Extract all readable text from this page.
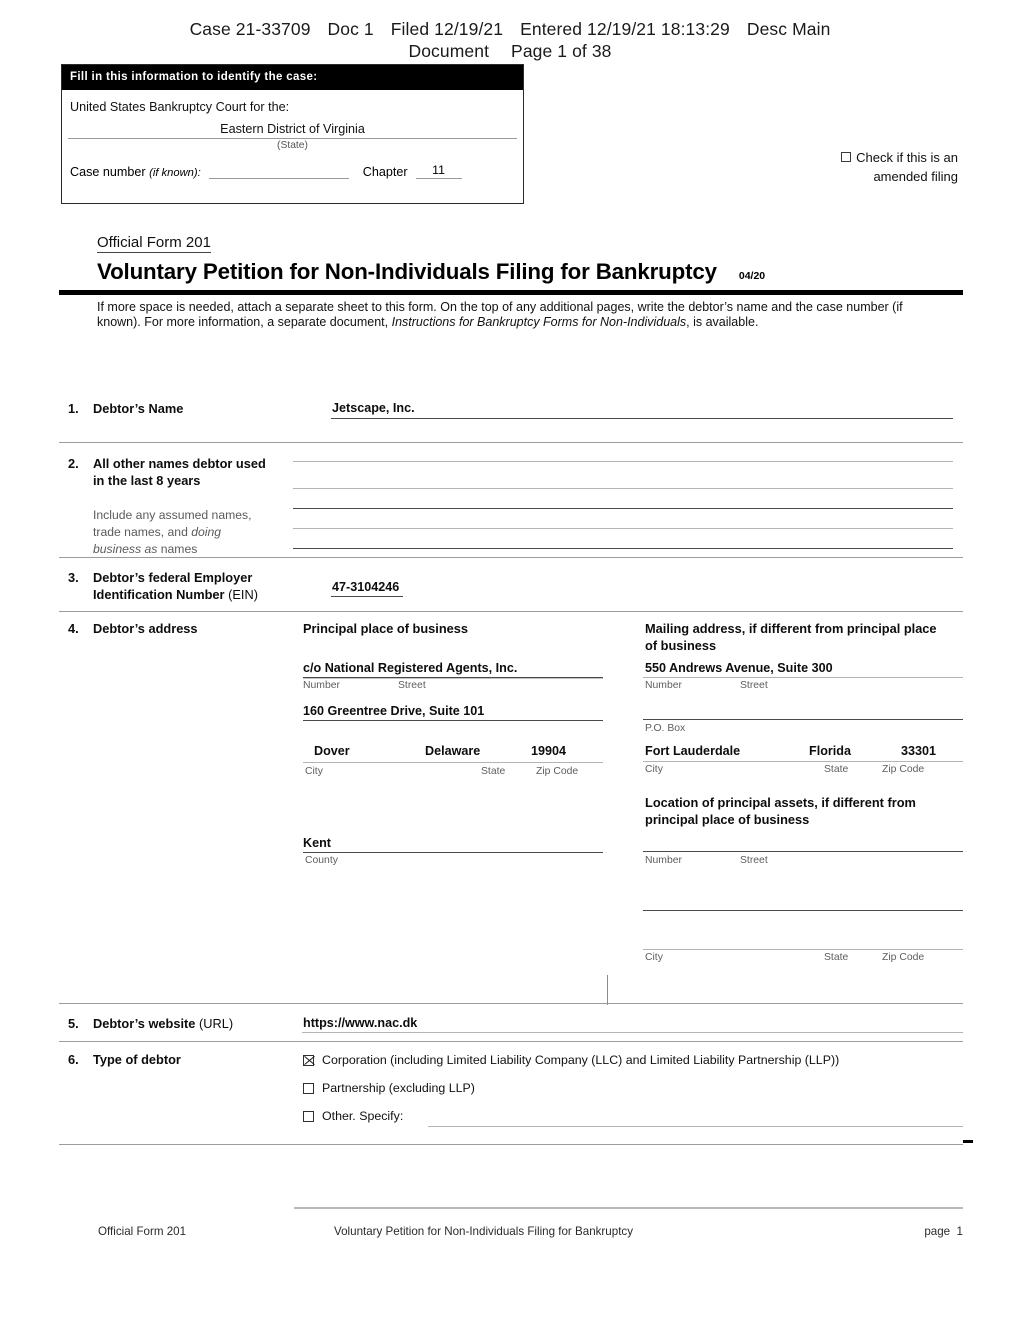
Case 21-33709 Doc 1 Filed 12/19/21 Entered 12/19/21 18:13:29 Desc Main
Document Page 1 of 38
Fill in this information to identify the case:
United States Bankruptcy Court for the:
Eastern District of Virginia
(State)
Case number (if known):	Chapter	11
Check if this is an
amended filing
Official Form 201
Voluntary Petition for Non-Individuals Filing for Bankruptcy 04/20
If more space is needed, attach a separate sheet to this form. On the top of any additional pages, write the debtor’s name and the case number (if known). For more information, a separate document, Instructions for Bankruptcy Forms for Non-Individuals, is available.
1. Debtor’s Name	Jetscape, Inc.
2. All other names debtor used
in the last 8 years
Include any assumed names,
trade names, and doing
business as names
3. Debtor’s federal Employer
Identification Number (EIN)	47-3104246
4. Debtor’s address	Principal place of business
c/o National Registered Agents, Inc.
Number	Street
160 Greentree Drive, Suite 101
Dover	Delaware	19904
City	State	Zip Code
Kent
County
Mailing address, if different from principal place
of business
550 Andrews Avenue, Suite 300
Number	Street
P.O. Box
Fort Lauderdale	Florida	33301
City	State	Zip Code
Location of principal assets, if different from
principal place of business
Number	Street
City	State	Zip Code
5. Debtor’s website (URL)	https://www.nac.dk
6. Type of debtor	Corporation (including Limited Liability Company (LLC) and Limited Liability Partnership (LLP))
Partnership (excluding LLP)
Other. Specify:
Official Form 201	Voluntary Petition for Non-Individuals Filing for Bankruptcy	page  1
